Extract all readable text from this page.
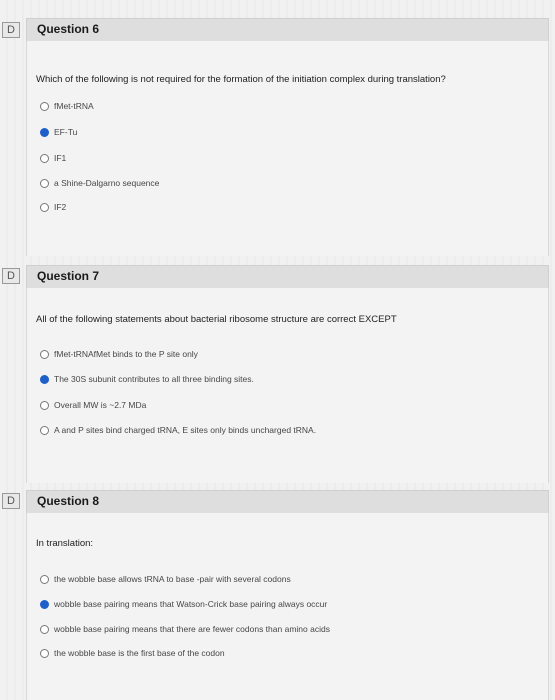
D	Question 6
Which of the following is not required for the formation of the initiation complex during translation?
fMet-tRNA
EF-Tu
IF1
a Shine-Dalgarno sequence
IF2
D	Question 7
All of the following statements about bacterial ribosome structure are correct EXCEPT
fMet-tRNAfMet binds to the P site only
The 30S subunit contributes to all three binding sites.
Overall MW is ~2.7 MDa
A and P sites bind charged tRNA, E sites only binds uncharged tRNA.
D	Question 8
In translation:
the wobble base allows tRNA to base -pair with several codons
wobble base pairing means that Watson-Crick base pairing always occur
wobble base pairing means that there are fewer codons than amino acids
the wobble base is the first base of the codon
